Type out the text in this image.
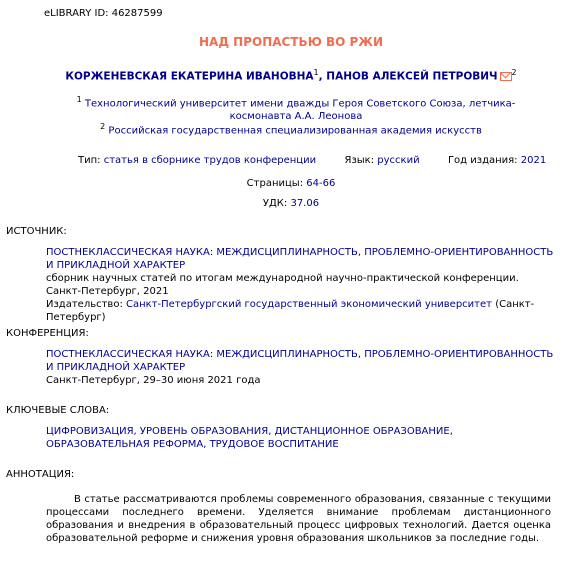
eLIBRARY ID: 46287599
НАД ПРОПАСТЬЮ ВО РЖИ
КОРЖЕНЕВСКАЯ ЕКАТЕРИНА ИВАНОВНА$^1$, ПАНОВ АЛЕКСЕЙ ПЕТРОВИЧ $^2$
$^1$ Технологический университет имени дважды Героя Советского Союза, летчика-космонавта А.А. Леонова
$^2$ Российская государственная специализированная академия искусств
Тип: статья в сборнике трудов конференции	Язык: русский	Год издания: 2021
Страницы: 64-66
УДК: 37.06
ИСТОЧНИК:
ПОСТНЕКЛАССИЧЕСКАЯ НАУКА: МЕЖДИСЦИПЛИНАРНОСТЬ, ПРОБЛЕМНО-ОРИЕНТИРОВАННОСТЬ И ПРИКЛАДНОЙ ХАРАКТЕР
сборник научных статей по итогам международной научно-практической конференции. Санкт-Петербург, 2021
Издательство: Санкт-Петербургский государственный экономический университет (Санкт-Петербург)
КОНФЕРЕНЦИЯ:
ПОСТНЕКЛАССИЧЕСКАЯ НАУКА: МЕЖДИСЦИПЛИНАРНОСТЬ, ПРОБЛЕМНО-ОРИЕНТИРОВАННОСТЬ И ПРИКЛАДНОЙ ХАРАКТЕР
Санкт-Петербург, 29–30 июня 2021 года
КЛЮЧЕВЫЕ СЛОВА:
ЦИФРОВИЗАЦИЯ, УРОВЕНЬ ОБРАЗОВАНИЯ, ДИСТАНЦИОННОЕ ОБРАЗОВАНИЕ, ОБРАЗОВАТЕЛЬНАЯ РЕФОРМА, ТРУДОВОЕ ВОСПИТАНИЕ
АННОТАЦИЯ:
В статье рассматриваются проблемы современного образования, связанные с текущими процессами последнего времени. Уделяется внимание проблемам дистанционного образования и внедрения в образовательный процесс цифровых технологий. Дается оценка образовательной реформе и снижения уровня образования школьников за последние годы.
